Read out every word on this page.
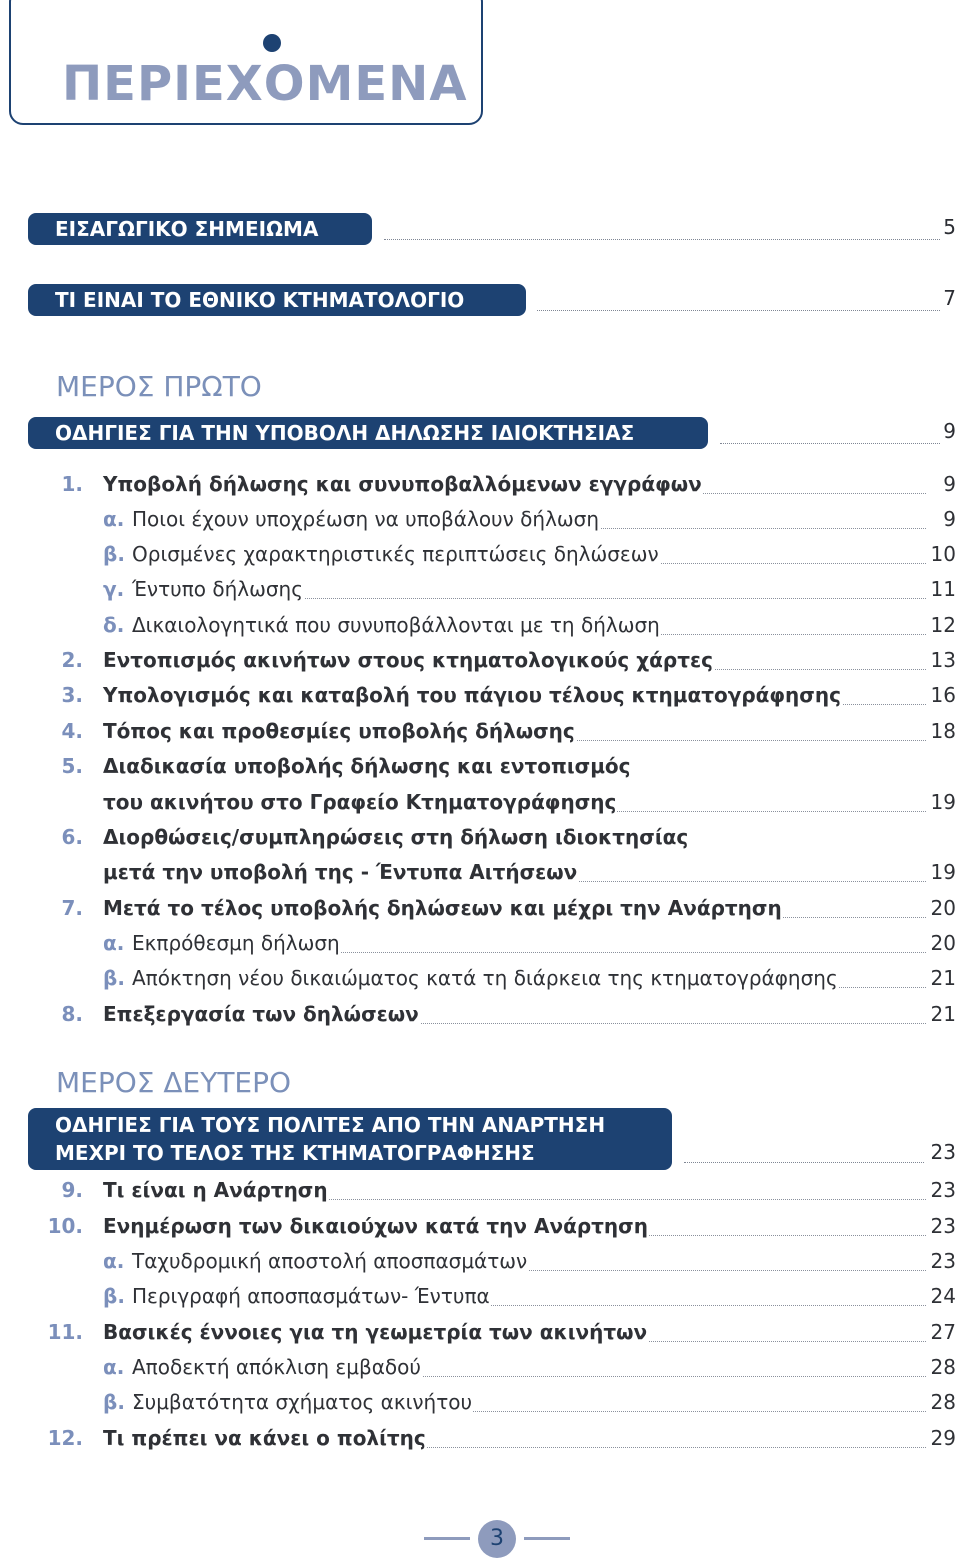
ΠΕΡΙΕΧΟΜΕΝΑ
ΕΙΣΑΓΩΓΙΚΟ ΣΗΜΕΙΩΜΑ	5
ΤΙ ΕΙΝΑΙ ΤΟ ΕΘΝΙΚΟ ΚΤΗΜΑΤΟΛΟΓΙΟ	7
ΜΕΡΟΣ ΠΡΩΤΟ
ΟΔΗΓΙΕΣ ΓΙΑ ΤΗΝ ΥΠΟΒΟΛΗ ΔΗΛΩΣΗΣ ΙΔΙΟΚΤΗΣΙΑΣ	9
1. Υποβολή δήλωσης και συνυποβαλλόμενων εγγράφων	9
α. Ποιοι έχουν υποχρέωση να υποβάλουν δήλωση	9
β. Ορισμένες χαρακτηριστικές περιπτώσεις δηλώσεων	10
γ. Έντυπο δήλωσης	11
δ. Δικαιολογητικά που συνυποβάλλονται με τη δήλωση	12
2. Εντοπισμός ακινήτων στους κτηματολογικούς χάρτες	13
3. Υπολογισμός και καταβολή του πάγιου τέλους κτηματογράφησης	16
4. Τόπος και προθεσμίες υποβολής δήλωσης	18
5. Διαδικασία υποβολής δήλωσης και εντοπισμός
του ακινήτου στο Γραφείο Κτηματογράφησης	19
6. Διορθώσεις/συμπληρώσεις στη δήλωση ιδιοκτησίας
μετά την υποβολή της - Έντυπα Αιτήσεων	19
7. Μετά το τέλος υποβολής δηλώσεων και μέχρι την Ανάρτηση	20
α. Εκπρόθεσμη δήλωση	20
β. Απόκτηση νέου δικαιώματος κατά τη διάρκεια της κτηματογράφησης	21
8. Επεξεργασία των δηλώσεων	21
ΜΕΡΟΣ ΔΕΥΤΕΡΟ
ΟΔΗΓΙΕΣ ΓΙΑ ΤΟΥΣ ΠΟΛΙΤΕΣ ΑΠΟ ΤΗΝ ΑΝΑΡΤΗΣΗ
ΜΕΧΡΙ ΤΟ ΤΕΛΟΣ ΤΗΣ ΚΤΗΜΑΤΟΓΡΑΦΗΣΗΣ	23
9. Τι είναι η Ανάρτηση	23
10. Ενημέρωση των δικαιούχων κατά την Ανάρτηση	23
α. Ταχυδρομική αποστολή αποσπασμάτων	23
β. Περιγραφή αποσπασμάτων- Έντυπα	24
11. Βασικές έννοιες για τη γεωμετρία των ακινήτων	27
α. Αποδεκτή απόκλιση εμβαδού	28
β. Συμβατότητα σχήματος ακινήτου	28
12. Τι πρέπει να κάνει ο πολίτης	29
3
